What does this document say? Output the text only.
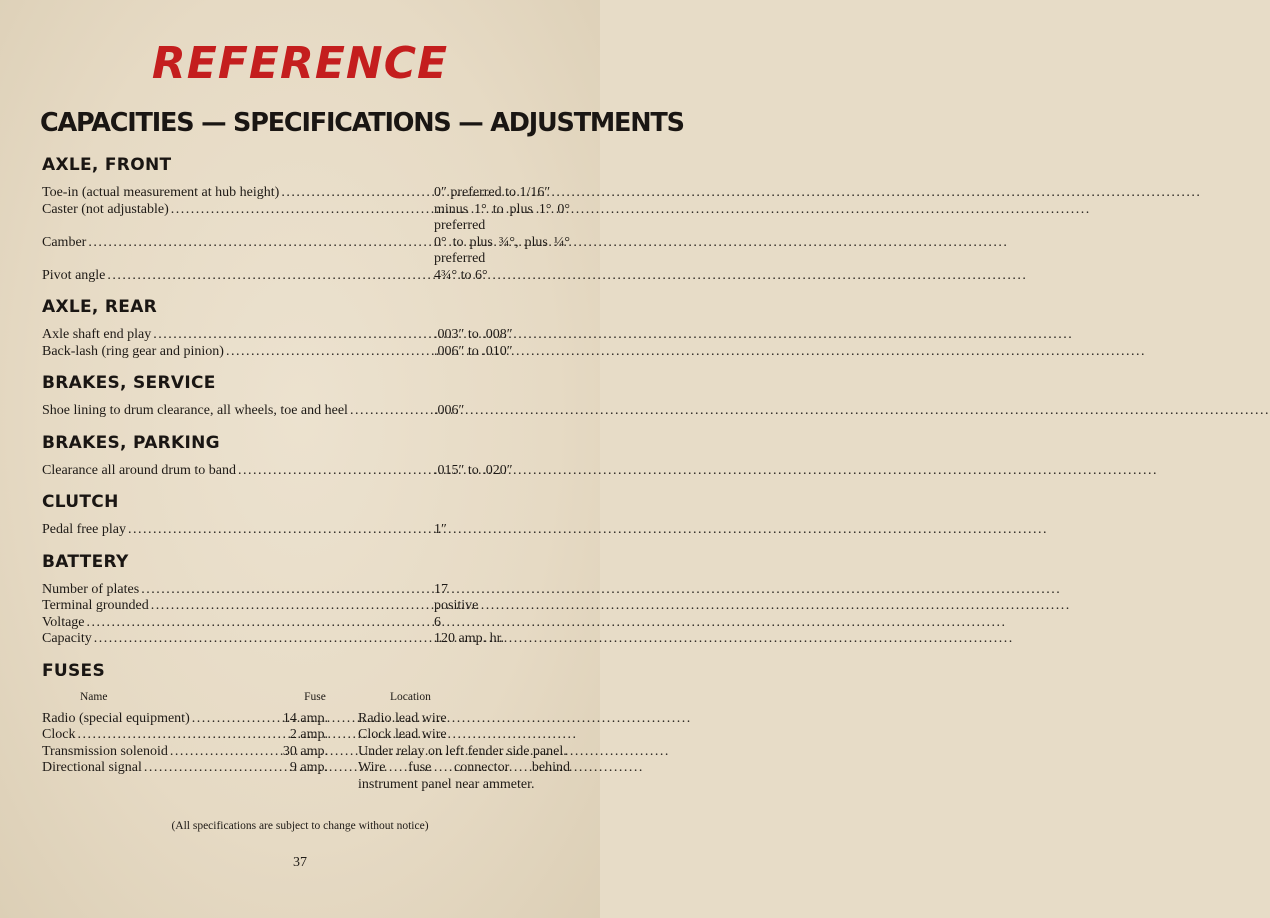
REFERENCE
CAPACITIES — SPECIFICATIONS — ADJUSTMENTS
AXLE, FRONT
Toe-in (actual measurement at hub height) .....	0″ preferred to 1/16″
Caster (not adjustable) .....	minus 1° to plus 1° 0° preferred
Camber .....	0° to plus ¾°, plus ¼° preferred
Pivot angle .....	4¾° to 6°
AXLE, REAR
Axle shaft end play .....	.003″ to .008″
Back-lash (ring gear and pinion) .....	.006″ to .010″
BRAKES, SERVICE
Shoe lining to drum clearance, all wheels, toe and heel .....	.006″
BRAKES, PARKING
Clearance all around drum to band .....	.015″ to .020″
CLUTCH
Pedal free play .....	1″
BATTERY
Number of plates .....	17
Terminal grounded .....	positive
Voltage .....	6
Capacity .....	120 amp. hr.
FUSES
Name	Fuse	Location
Radio (special equipment) .....	14 amp.	Radio lead wire
Clock .....	2 amp.	Clock lead wire
Transmission solenoid .....	30 amp.	Under relay on left fender side panel.
Directional signal .....	9 amp.	Wire fuse connector behind instrument panel near ammeter.
(All specifications are subject to change without notice)
37
